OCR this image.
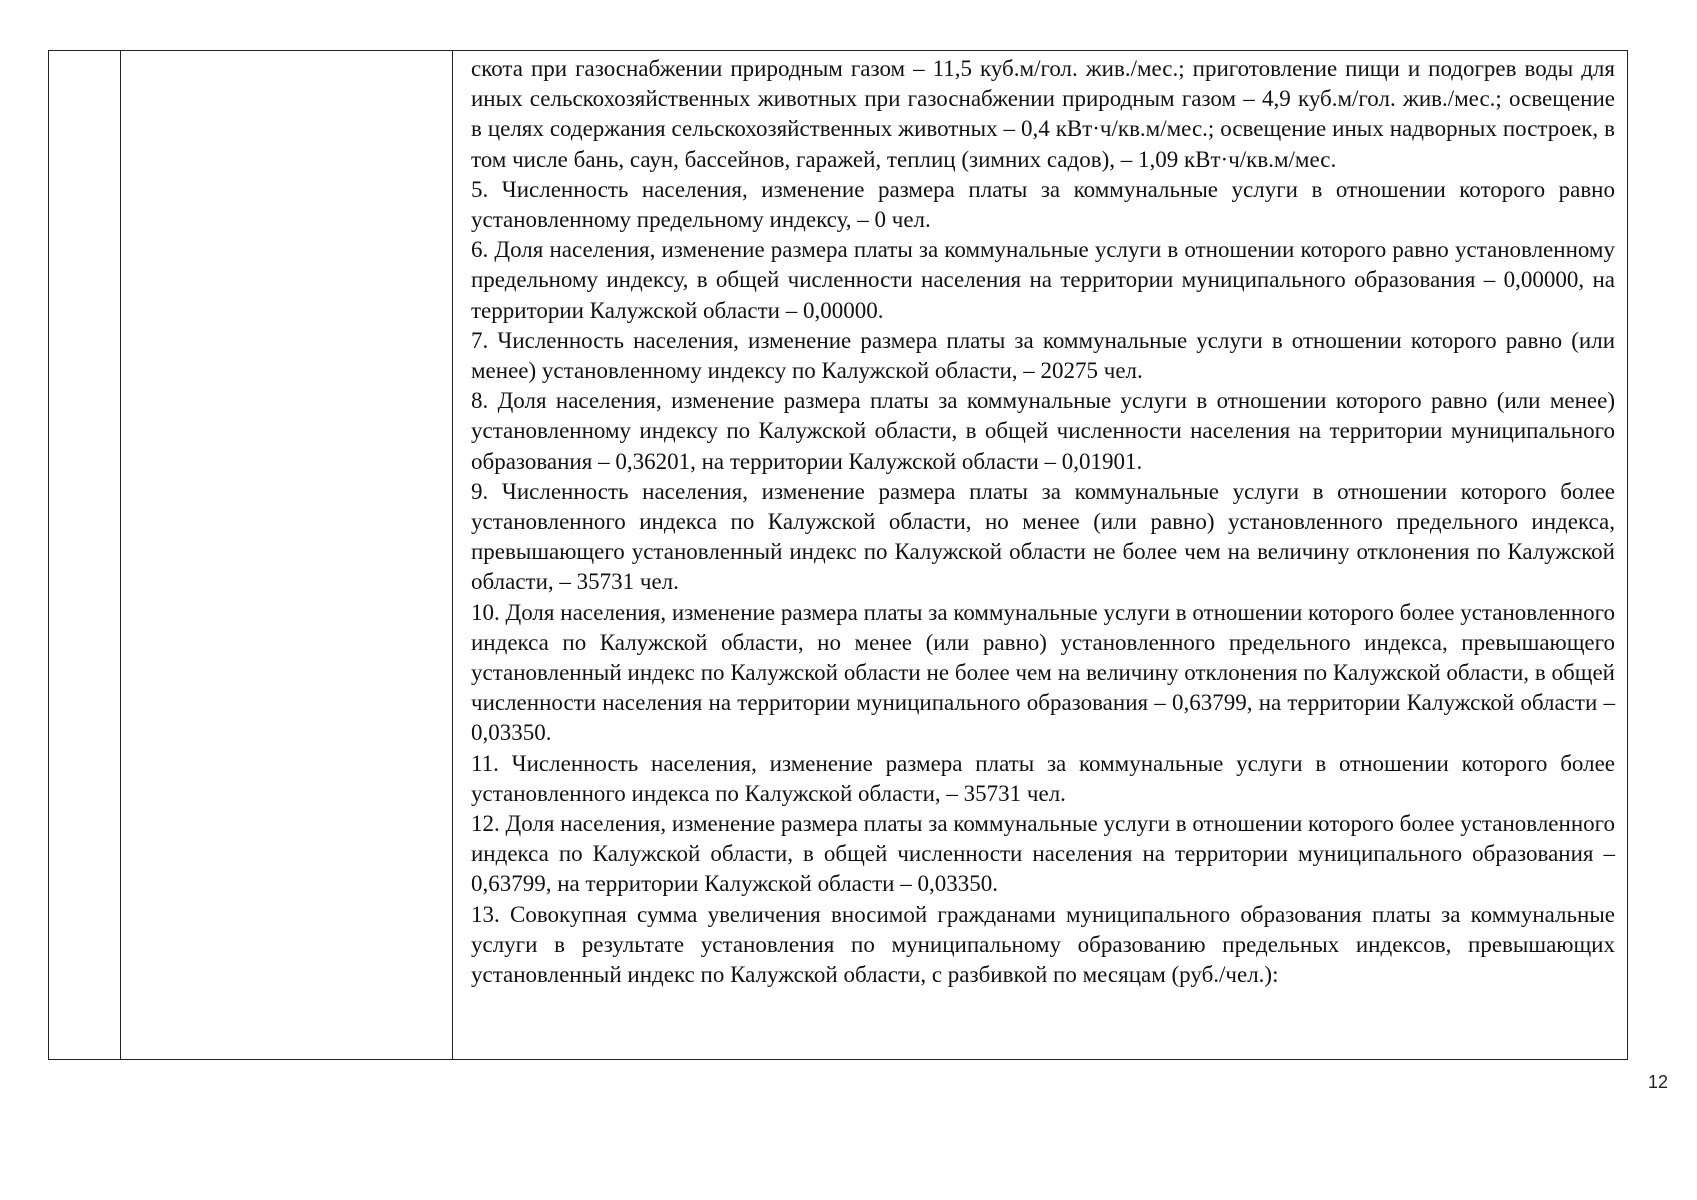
скота при газоснабжении природным газом – 11,5 куб.м/гол. жив./мес.; приготовление пищи и подогрев воды для иных сельскохозяйственных животных при газоснабжении природным газом – 4,9 куб.м/гол. жив./мес.; освещение в целях содержания сельскохозяйственных животных – 0,4 кВт·ч/кв.м/мес.; освещение иных надворных построек, в том числе бань, саун, бассейнов, гаражей, теплиц (зимних садов), – 1,09 кВт·ч/кв.м/мес.

5. Численность населения, изменение размера платы за коммунальные услуги в отношении которого равно установленному предельному индексу, – 0 чел.

6. Доля населения, изменение размера платы за коммунальные услуги в отношении которого равно установленному предельному индексу, в общей численности населения на территории муниципального образования – 0,00000, на территории Калужской области – 0,00000.

7. Численность населения, изменение размера платы за коммунальные услуги в отношении которого равно (или менее) установленному индексу по Калужской области, – 20275 чел.

8. Доля населения, изменение размера платы за коммунальные услуги в отношении которого равно (или менее) установленному индексу по Калужской области, в общей численности населения на территории муниципального образования – 0,36201, на территории Калужской области – 0,01901.

9. Численность населения, изменение размера платы за коммунальные услуги в отношении которого более установленного индекса по Калужской области, но менее (или равно) установленного предельного индекса, превышающего установленный индекс по Калужской области не более чем на величину отклонения по Калужской области, – 35731 чел.

10. Доля населения, изменение размера платы за коммунальные услуги в отношении которого более установленного индекса по Калужской области, но менее (или равно) установленного предельного индекса, превышающего установленный индекс по Калужской области не более чем на величину отклонения по Калужской области, в общей численности населения на территории муниципального образования – 0,63799, на территории Калужской области – 0,03350.

11. Численность населения, изменение размера платы за коммунальные услуги в отношении которого более установленного индекса по Калужской области, – 35731 чел.

12. Доля населения, изменение размера платы за коммунальные услуги в отношении которого более установленного индекса по Калужской области, в общей численности населения на территории муниципального образования – 0,63799, на территории Калужской области – 0,03350.

13. Совокупная сумма увеличения вносимой гражданами муниципального образования платы за коммунальные услуги в результате установления по муниципальному образованию предельных индексов, превышающих установленный индекс по Калужской области, с разбивкой по месяцам (руб./чел.):

12
